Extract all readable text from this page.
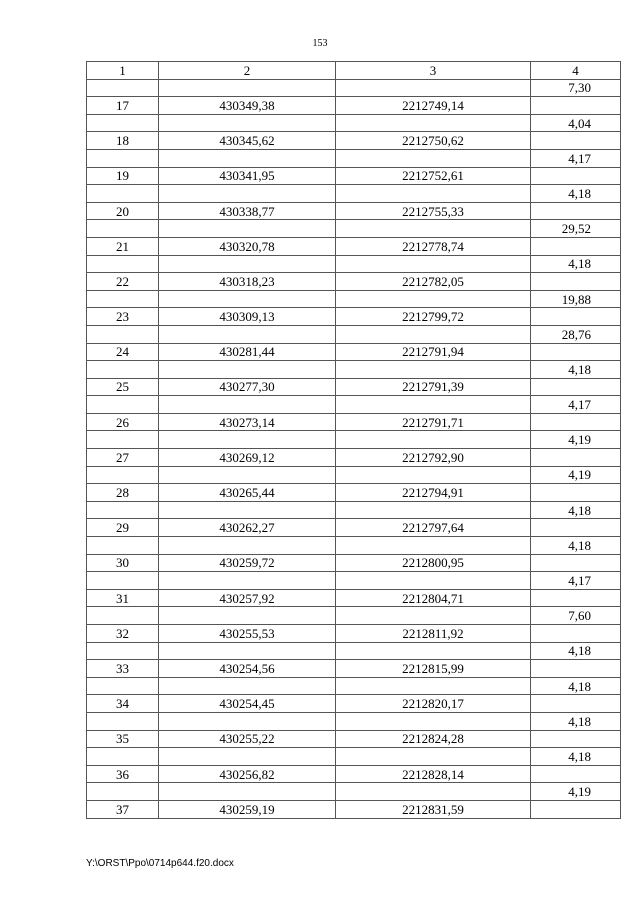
153
1	2	3	4
			7,30
17	430349,38	2212749,14	
			4,04
18	430345,62	2212750,62	
			4,17
19	430341,95	2212752,61	
			4,18
20	430338,77	2212755,33	
			29,52
21	430320,78	2212778,74	
			4,18
22	430318,23	2212782,05	
			19,88
23	430309,13	2212799,72	
			28,76
24	430281,44	2212791,94	
			4,18
25	430277,30	2212791,39	
			4,17
26	430273,14	2212791,71	
			4,19
27	430269,12	2212792,90	
			4,19
28	430265,44	2212794,91	
			4,18
29	430262,27	2212797,64	
			4,18
30	430259,72	2212800,95	
			4,17
31	430257,92	2212804,71	
			7,60
32	430255,53	2212811,92	
			4,18
33	430254,56	2212815,99	
			4,18
34	430254,45	2212820,17	
			4,18
35	430255,22	2212824,28	
			4,18
36	430256,82	2212828,14	
			4,19
37	430259,19	2212831,59	
Y:\ORST\Ppo\0714p644.f20.docx
